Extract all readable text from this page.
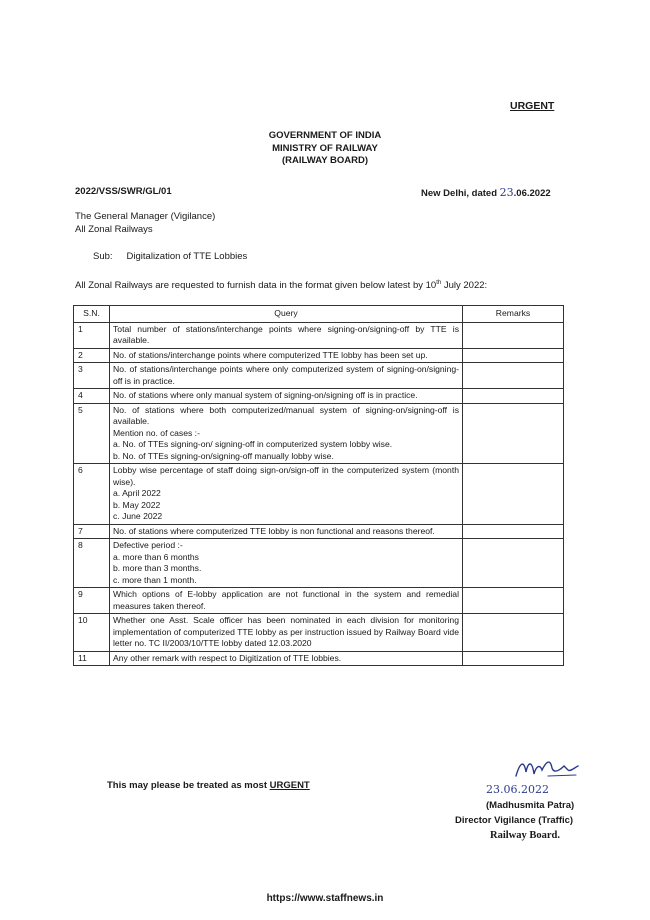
URGENT
GOVERNMENT OF INDIA
MINISTRY OF RAILWAY
(RAILWAY BOARD)
2022/VSS/SWR/GL/01	New Delhi, dated 23.06.2022
The General Manager (Vigilance)
All Zonal Railways
Sub: Digitalization of TTE Lobbies
All Zonal Railways are requested to furnish data in the format given below latest by 10th July 2022:
S.N.	Query	Remarks
1	Total number of stations/interchange points where signing-on/signing-off by TTE is available.	

2	No. of stations/interchange points where computerized TTE lobby has been set up.	

3	No. of stations/interchange points where only computerized system of signing-on/signing-off is in practice.	

4	No. of stations where only manual system of signing-on/signing off is in practice.	

5	No. of stations where both computerized/manual system of signing-on/signing-off is available.
Mention no. of cases :-
a. No. of TTEs signing-on/ signing-off in computerized system lobby wise.
b. No. of TTEs signing-on/signing-off manually lobby wise.	

6	Lobby wise percentage of staff doing sign-on/sign-off in the computerized system (month wise).
a. April 2022
b. May 2022
c. June 2022	

7	No. of stations where computerized TTE lobby is non functional and reasons thereof.	

8	Defective period :-
a. more than 6 months
b. more than 3 months.
c. more than 1 month.	

9	Which options of E-lobby application are not functional in the system and remedial measures taken thereof.	

10	Whether one Asst. Scale officer has been nominated in each division for monitoring implementation of computerized TTE lobby as per instruction issued by Railway Board vide letter no. TC II/2003/10/TTE lobby dated 12.03.2020	

11	Any other remark with respect to Digitization of TTE lobbies.	

This may please be treated as most URGENT	23.06.2022
(Madhusmita Patra)
Director Vigilance (Traffic)
Railway Board.
https://www.staffnews.in
